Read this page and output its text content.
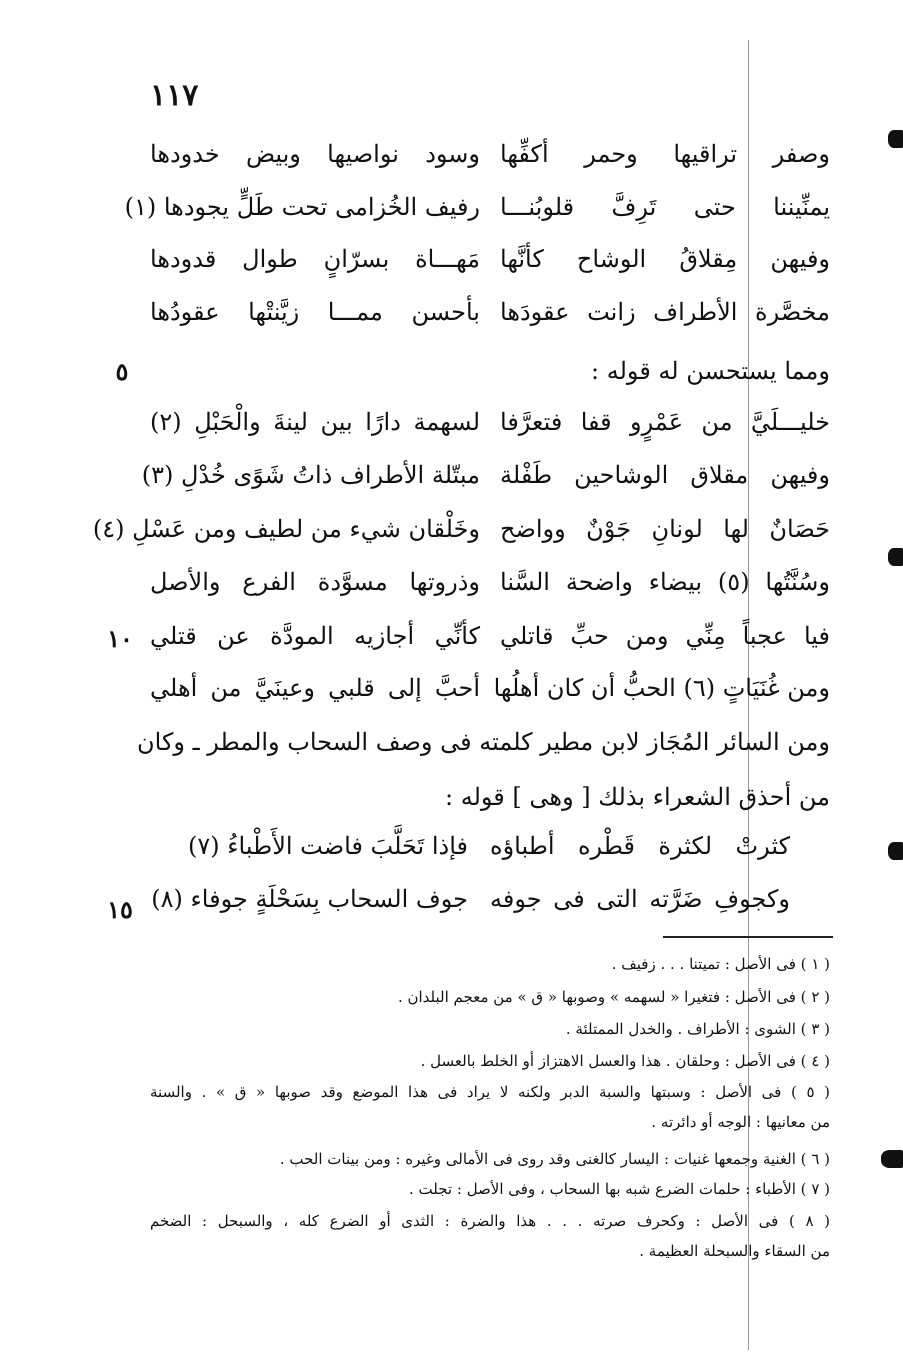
١١٧
وصفر تراقيها وحمر أكفِّها
وسود نواصيها وبيض خدودها
يمنِّيننا حتى تَرِفَّ قلوبُنـــا
رفيف الخُزامى تحت طَلٍّ يجودها (١)
وفيهن مِقلاقُ الوشاح كأنَّها
مَهـــاة بسرّانٍ طوال قدودها
مخصَّرة الأطراف زانت عقودَها
بأحسن ممـــا زيَّنتْها عقودُها
ومما يستحسن له قوله :
٥
خليـــلَيَّ من عَمْرٍو قفا فتعرَّفا
لسهمة دارًا بين لينةَ والْحَبْلِ (٢)
وفيهن مقلاق الوشاحين طَفْلة
مبتّلة الأطراف ذاتُ شَوًى خُدْلِ (٣)
حَصَانٌ لها لونانِ جَوْنٌ وواضح
وخَلْقان شيء من لطيف ومن عَسْلِ (٤)
وسُنَّتُها (٥) بيضاء واضحة السَّنا
وذروتها مسوَّدة الفرع والأصل
فيا عجباً مِنِّي ومن حبِّ قاتلي
كأنِّي أجازيه المودَّة عن قتلي
١٠
ومن غُنَيَاتٍ (٦) الحبُّ أن كان أهلُها
أحبَّ إلى قلبي وعينَيَّ من أهلي
ومن السائر المُجَاز لابن مطير كلمته فى وصف السحاب والمطر ـ وكان
من أحذق الشعراء بذلك [ وهى ] قوله :
كثرتْ لكثرة قَطْره أطباؤه
فإذا تَحَلَّبَ فاضت الأَطْباءُ (٧)
وكجوفِ ضَرَّته التى فى جوفه
جوف السحاب بِسَحْلَةٍ جوفاء (٨)
١٥
( ١ ) فى الأصل : تميتنا . . . زفيف .
( ٢ ) فى الأصل : فتغيرا « لسهمه » وصوبها « ق » من معجم البلدان .
( ٣ ) الشوى : الأطراف . والخدل الممتلئة .
( ٤ ) فى الأصل : وحلقان . هذا والعسل الاهتزاز أو الخلط بالعسل .
( ٥ ) فى الأصل : وسبتها والسبة الدبر ولكنه لا يراد فى هذا الموضع وقد صوبها « ق » . والسنة
من معانيها : الوجه أو دائرته .
( ٦ ) الغنية وجمعها غنيات : اليسار كالغنى وقد روى فى الأمالى وغيره : ومن بينات الحب .
( ٧ ) الأطباء : حلمات الضرع شبه بها السحاب ، وفى الأصل : تجلت .
( ٨ ) فى الأصل : وكحرف صرته . . . هذا والضرة : الثدى أو الضرع كله ، والسبحل : الضخم
من السقاء والسبحلة العظيمة .
